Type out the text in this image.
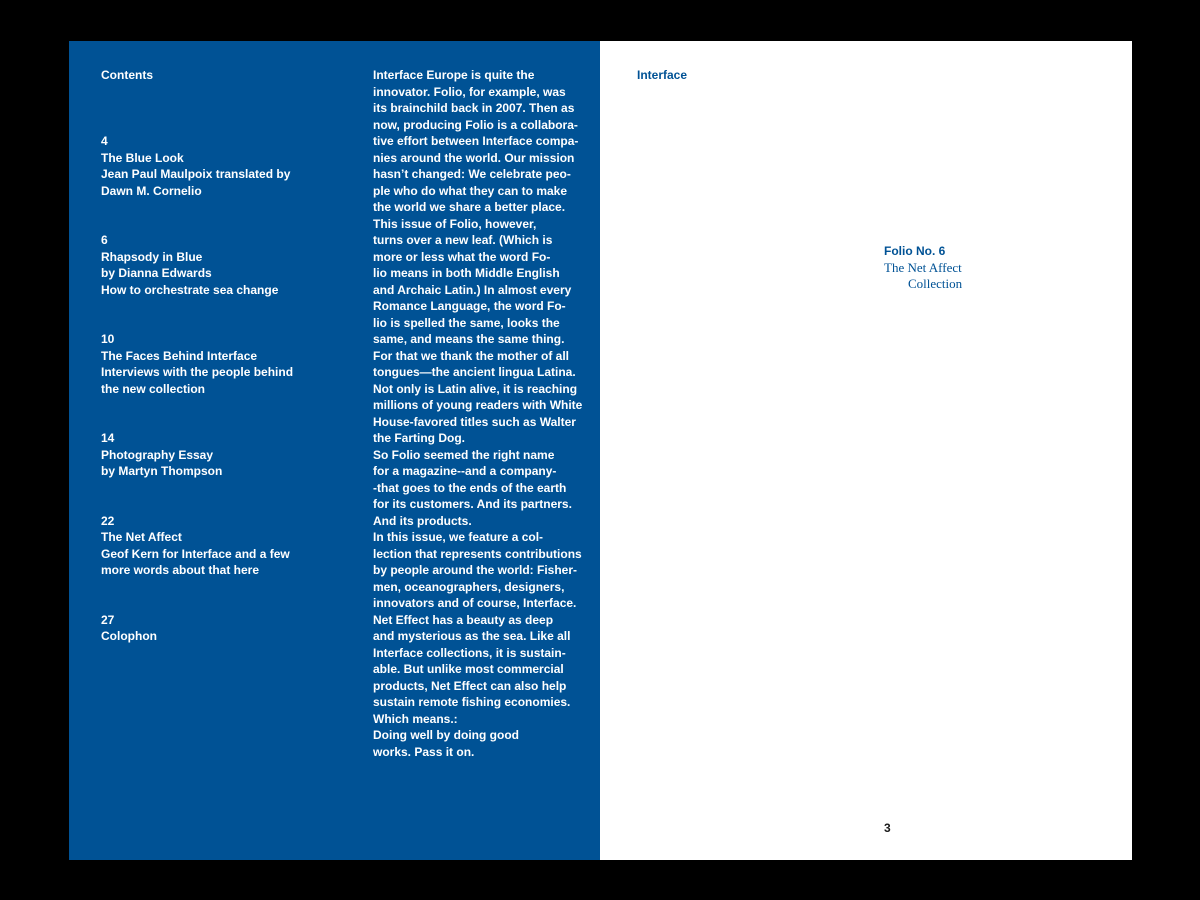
Contents
4
The Blue Look
Jean Paul Maulpoix translated by
Dawn M. Cornelio
6
Rhapsody in Blue
by Dianna Edwards
How to orchestrate sea change
10
The Faces Behind Interface
Interviews with the people behind
the new collection
14
Photography Essay
by Martyn Thompson
22
The Net Affect
Geof Kern for Interface and a few
more words about that here
27
Colophon

Interface Europe is quite the
innovator. Folio, for example, was
its brainchild back in 2007. Then as
now, producing Folio is a collabora-
tive effort between Interface compa-
nies around the world. Our mission
hasn’t changed: We celebrate peo-
ple who do what they can to make
the world we share a better place.

This issue of Folio, however,
turns over a new leaf. (Which is
more or less what the word Fo-
lio means in both Middle English
and Archaic Latin.) In almost every
Romance Language, the word Fo-
lio is spelled the same, looks the
same, and means the same thing.
For that we thank the mother of all
tongues—the ancient lingua Latina.
Not only is Latin alive, it is reaching
millions of young readers with White
House-favored titles such as Walter
the Farting Dog.

So Folio seemed the right name
for a magazine--and a company-
-that goes to the ends of the earth
for its customers. And its partners.
And its products.

In this issue, we feature a col-
lection that represents contributions
by people around the world: Fisher-
men, oceanographers, designers,
innovators and of course, Interface.

Net Effect has a beauty as deep
and mysterious as the sea. Like all
Interface collections, it is sustain-
able. But unlike most commercial
products, Net Effect can also help
sustain remote fishing economies.
Which means.:

Doing well by doing good
works. Pass it on.

Interface
Folio No. 6
The Net Affect
Collection
3
